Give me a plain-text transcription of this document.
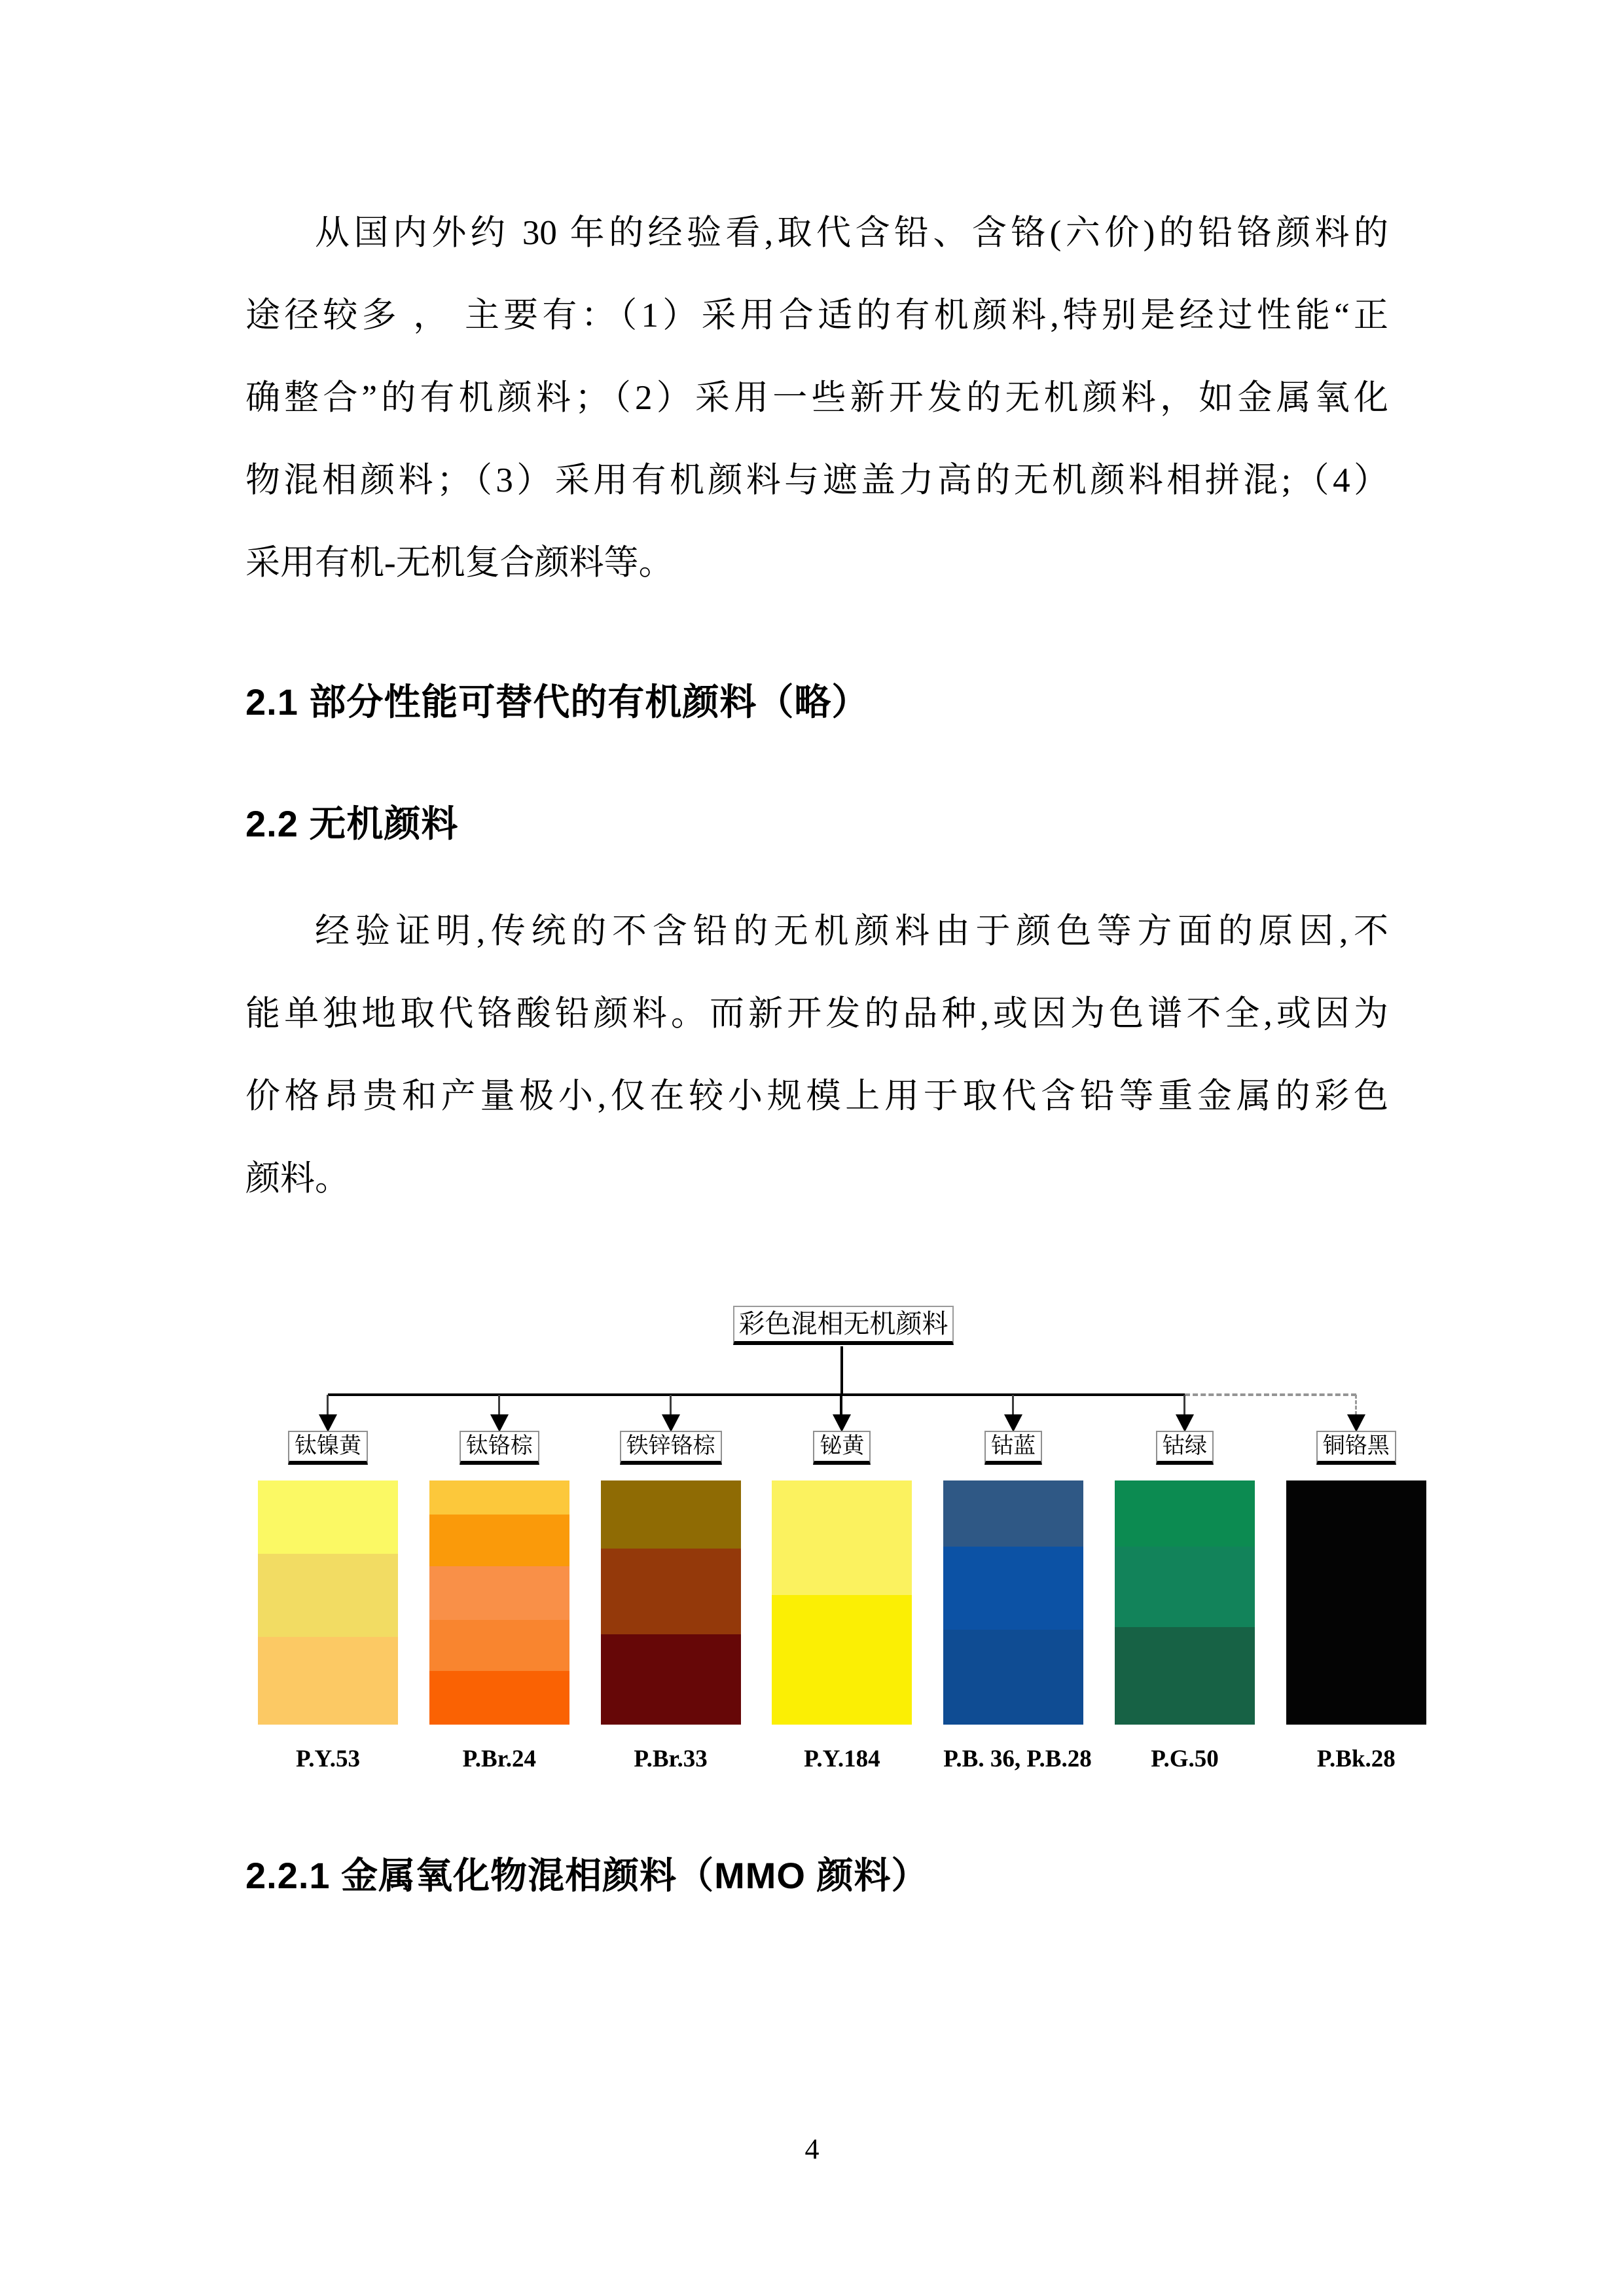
从国内外约 30 年的经验看,取代含铅、含铬(六价)的铅铬颜料的
途径较多 ， 主要有：（1）采用合适的有机颜料,特别是经过性能“正
确整合”的有机颜料；（2）采用一些新开发的无机颜料，如金属氧化
物混相颜料；（3）采用有机颜料与遮盖力高的无机颜料相拼混;（4）
采用有机-无机复合颜料等。
2.1 部分性能可替代的有机颜料（略）
2.2 无机颜料
经验证明,传统的不含铅的无机颜料由于颜色等方面的原因,不
能单独地取代铬酸铅颜料。而新开发的品种,或因为色谱不全,或因为
价格昂贵和产量极小,仅在较小规模上用于取代含铅等重金属的彩色
颜料。
彩色混相无机颜料
钛镍黄
P.Y.53
钛铬棕
P.Br.24
铁锌铬棕
P.Br.33
铋黄
P.Y.184
钴蓝
P.B. 36, P.B.28
钴绿
P.G.50
铜铬黑
P.Bk.28
2.2.1 金属氧化物混相颜料（MMO 颜料）
4
